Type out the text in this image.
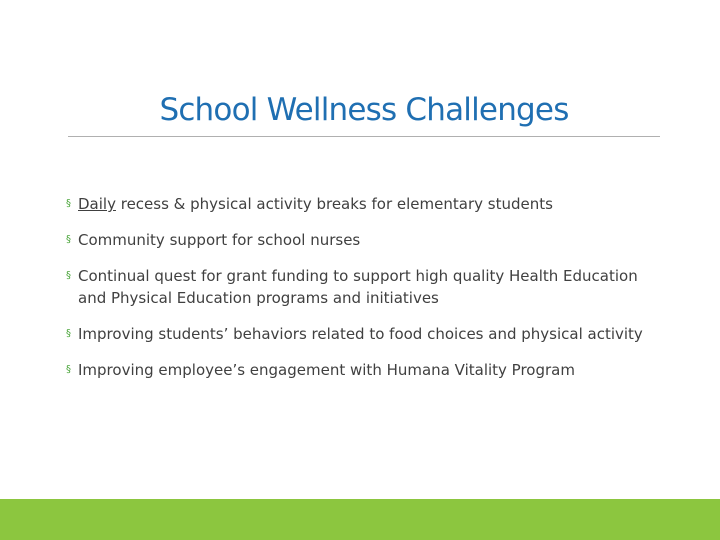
School Wellness Challenges
§ Daily recess & physical activity breaks for elementary students
§ Community support for school nurses
§ Continual quest for grant funding to support high quality Health Education and Physical Education programs and initiatives
§ Improving students’ behaviors related to food choices and physical activity
§ Improving employee’s engagement with Humana Vitality Program
